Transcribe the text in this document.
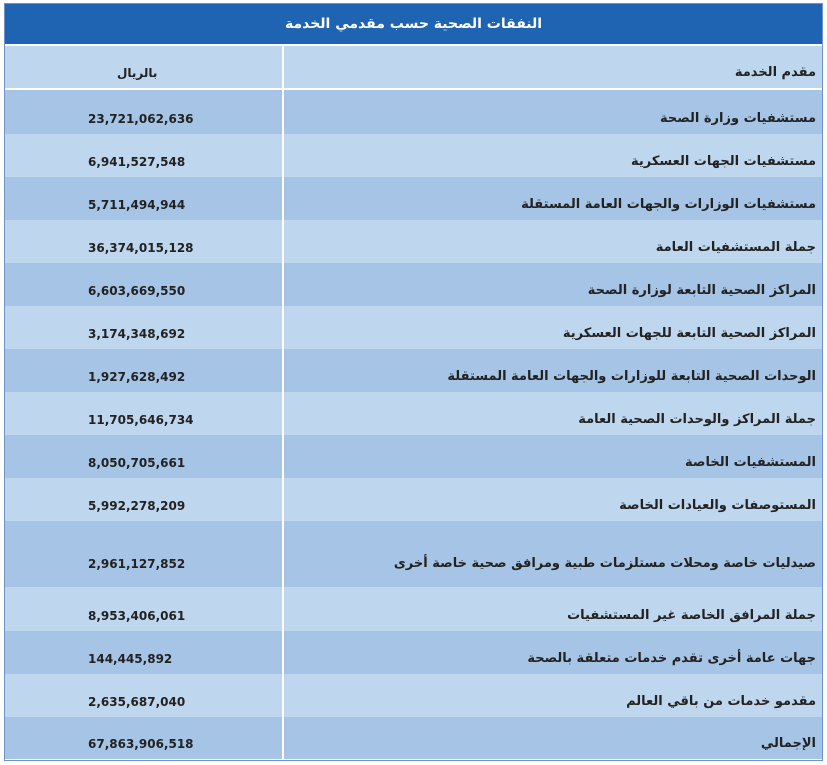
النفقات الصحية حسب مقدمي الخدمة
مقدم الخدمة
بالريال
مستشفيات وزارة الصحة
23,721,062,636
مستشفيات الجهات العسكرية
6,941,527,548
مستشفيات الوزارات والجهات العامة المستقلة
5,711,494,944
جملة المستشفيات العامة
36,374,015,128
المراكز الصحية التابعة لوزارة الصحة
6,603,669,550
المراكز الصحية التابعة للجهات العسكرية
3,174,348,692
الوحدات الصحية التابعة للوزارات والجهات العامة المستقلة
1,927,628,492
جملة المراكز والوحدات الصحية العامة
11,705,646,734
المستشفيات الخاصة
8,050,705,661
المستوصفات والعيادات الخاصة
5,992,278,209
صيدليات خاصة ومحلات مستلزمات طبية ومرافق صحية خاصة أخرى
2,961,127,852
جملة المرافق الخاصة غير المستشفيات
8,953,406,061
جهات عامة أخرى تقدم خدمات متعلقة بالصحة
144,445,892
مقدمو خدمات من باقي العالم
2,635,687,040
الإجمالي
67,863,906,518
